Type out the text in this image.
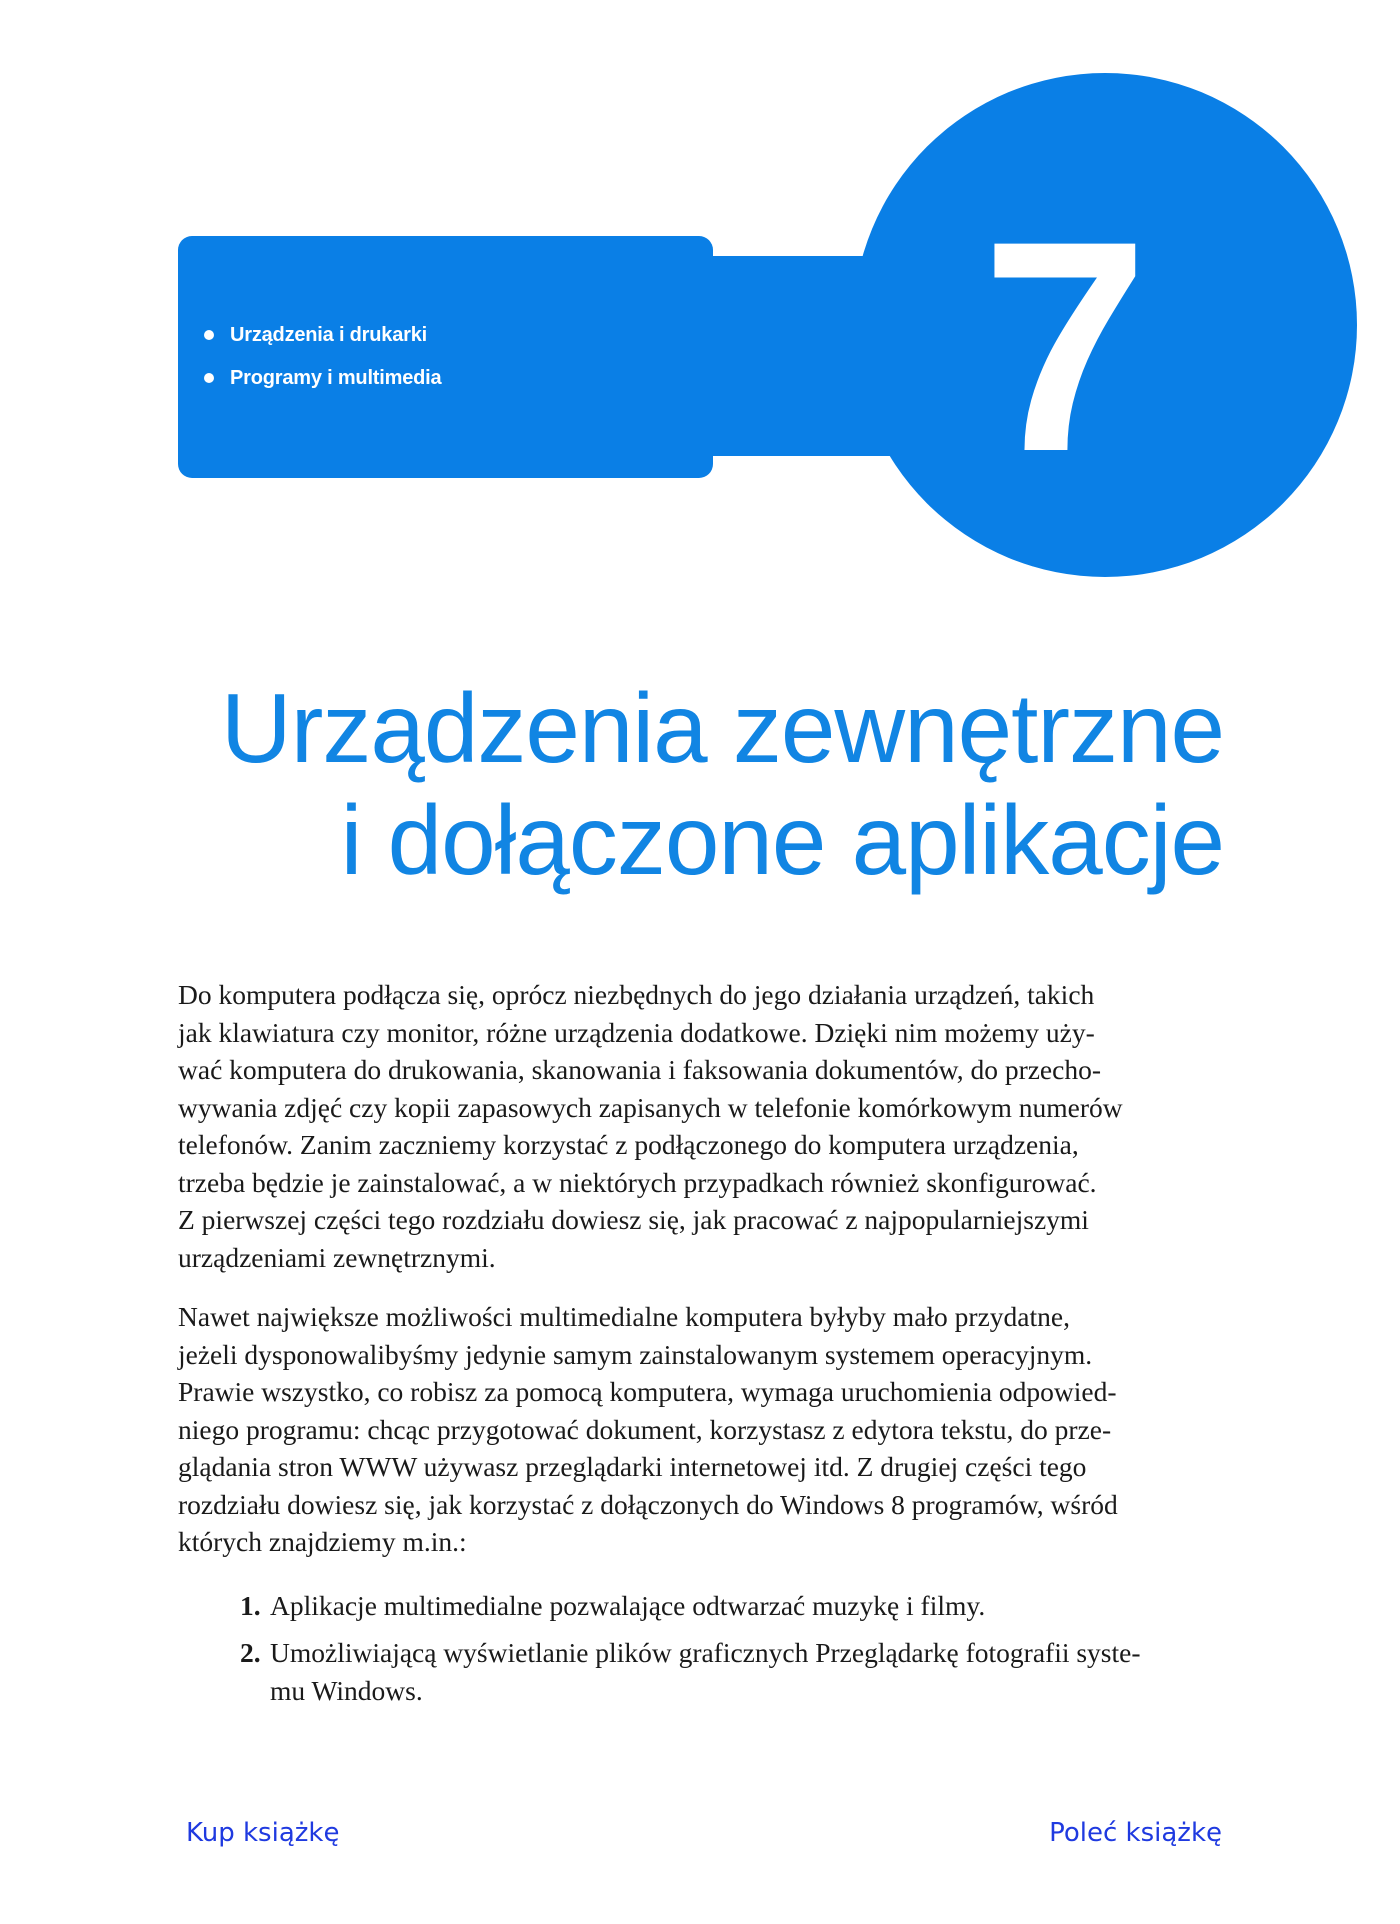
Urządzenia i drukarki
Programy i multimedia 7
Urządzenia zewnętrzne
i dołączone aplikacje

Do komputera podłącza się, oprócz niezbędnych do jego działania urządzeń, takich
jak klawiatura czy monitor, różne urządzenia dodatkowe. Dzięki nim możemy uży-
wać komputera do drukowania, skanowania i faksowania dokumentów, do przecho-
wywania zdjęć czy kopii zapasowych zapisanych w telefonie komórkowym numerów
telefonów. Zanim zaczniemy korzystać z podłączonego do komputera urządzenia,
trzeba będzie je zainstalować, a w niektórych przypadkach również skonfigurować.
Z pierwszej części tego rozdziału dowiesz się, jak pracować z najpopularniejszymi
urządzeniami zewnętrznymi.

Nawet największe możliwości multimedialne komputera byłyby mało przydatne,
jeżeli dysponowalibyśmy jedynie samym zainstalowanym systemem operacyjnym.
Prawie wszystko, co robisz za pomocą komputera, wymaga uruchomienia odpowied-
niego programu: chcąc przygotować dokument, korzystasz z edytora tekstu, do prze-
glądania stron WWW używasz przeglądarki internetowej itd. Z drugiej części tego
rozdziału dowiesz się, jak korzystać z dołączonych do Windows 8 programów, wśród
których znajdziemy m.in.:

1. Aplikacje multimedialne pozwalające odtwarzać muzykę i filmy.
2. Umożliwiającą wyświetlanie plików graficznych Przeglądarkę fotografii syste-
mu Windows.
Kup książkę	Poleć książkę
